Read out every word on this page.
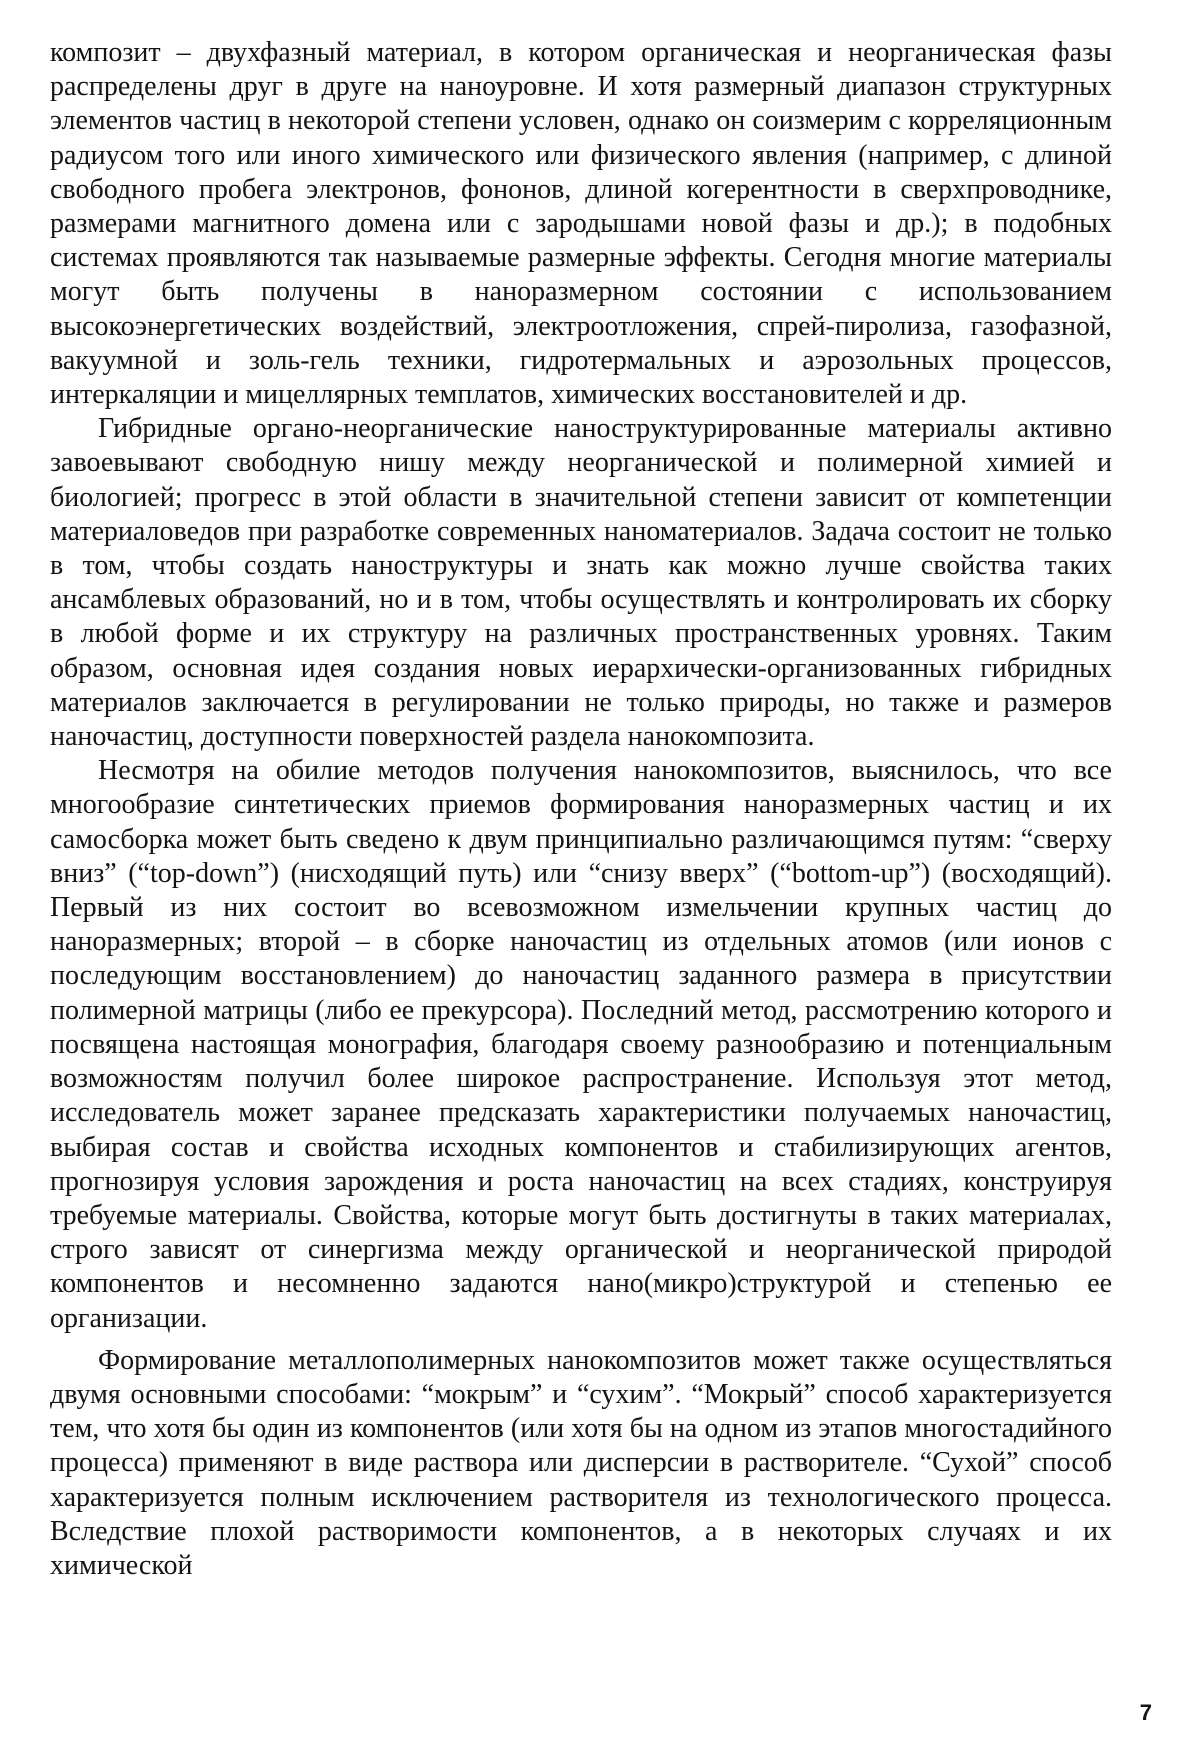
композит – двухфазный материал, в котором органическая и неорганическая фазы распределены друг в друге на наноуровне. И хотя размерный диапазон структурных элементов частиц в некоторой степени условен, однако он соизмерим с корреляционным радиусом того или иного химического или физического явления (например, с длиной свободного пробега электронов, фононов, длиной когерентности в сверхпроводнике, размерами магнитного домена или с зародышами новой фазы и др.); в подобных системах проявляются так называемые размерные эффекты. Сегодня многие материалы могут быть получены в наноразмерном состоянии с использованием высокоэнергетических воздействий, электроотложения, спрей-пиролиза, газофазной, вакуумной и золь-гель техники, гидротермальных и аэрозольных процессов, интеркаляции и мицеллярных темплатов, химических восстановителей и др.

Гибридные органо-неорганические наноструктурированные материалы активно завоевывают свободную нишу между неорганической и полимерной химией и биологией; прогресс в этой области в значительной степени зависит от компетенции материаловедов при разработке современных наноматериалов. Задача состоит не только в том, чтобы создать наноструктуры и знать как можно лучше свойства таких ансамблевых образований, но и в том, чтобы осуществлять и контролировать их сборку в любой форме и их структуру на различных пространственных уровнях. Таким образом, основная идея создания новых иерархически-организованных гибридных материалов заключается в регулировании не только природы, но также и размеров наночастиц, доступности поверхностей раздела нанокомпозита.

Несмотря на обилие методов получения нанокомпозитов, выяснилось, что все многообразие синтетических приемов формирования наноразмерных частиц и их самосборка может быть сведено к двум принципиально различающимся путям: “сверху вниз” (“top-down”) (нисходящий путь) или “снизу вверх” (“bottom-up”) (восходящий). Первый из них состоит во всевозможном измельчении крупных частиц до наноразмерных; второй – в сборке наночастиц из отдельных атомов (или ионов с последующим восстановлением) до наночастиц заданного размера в присутствии полимерной матрицы (либо ее прекурсора). Последний метод, рассмотрению которого и посвящена настоящая монография, благодаря своему разнообразию и потенциальным возможностям получил более широкое распространение. Используя этот метод, исследователь может заранее предсказать характеристики получаемых наночастиц, выбирая состав и свойства исходных компонентов и стабилизирующих агентов, прогнозируя условия зарождения и роста наночастиц на всех стадиях, конструируя требуемые материалы. Свойства, которые могут быть достигнуты в таких материалах, строго зависят от синергизма между органической и неорганической природой компонентов и несомненно задаются нано(микро)структурой и степенью ее организации.

Формирование металлополимерных нанокомпозитов может также осуществляться двумя основными способами: “мокрым” и “сухим”. “Мокрый” способ характеризуется тем, что хотя бы один из компонентов (или хотя бы на одном из этапов многостадийного процесса) применяют в виде раствора или дисперсии в растворителе. “Сухой” способ характеризуется полным исключением растворителя из технологического процесса. Вследствие плохой растворимости компонентов, а в некоторых случаях и их химической

7
